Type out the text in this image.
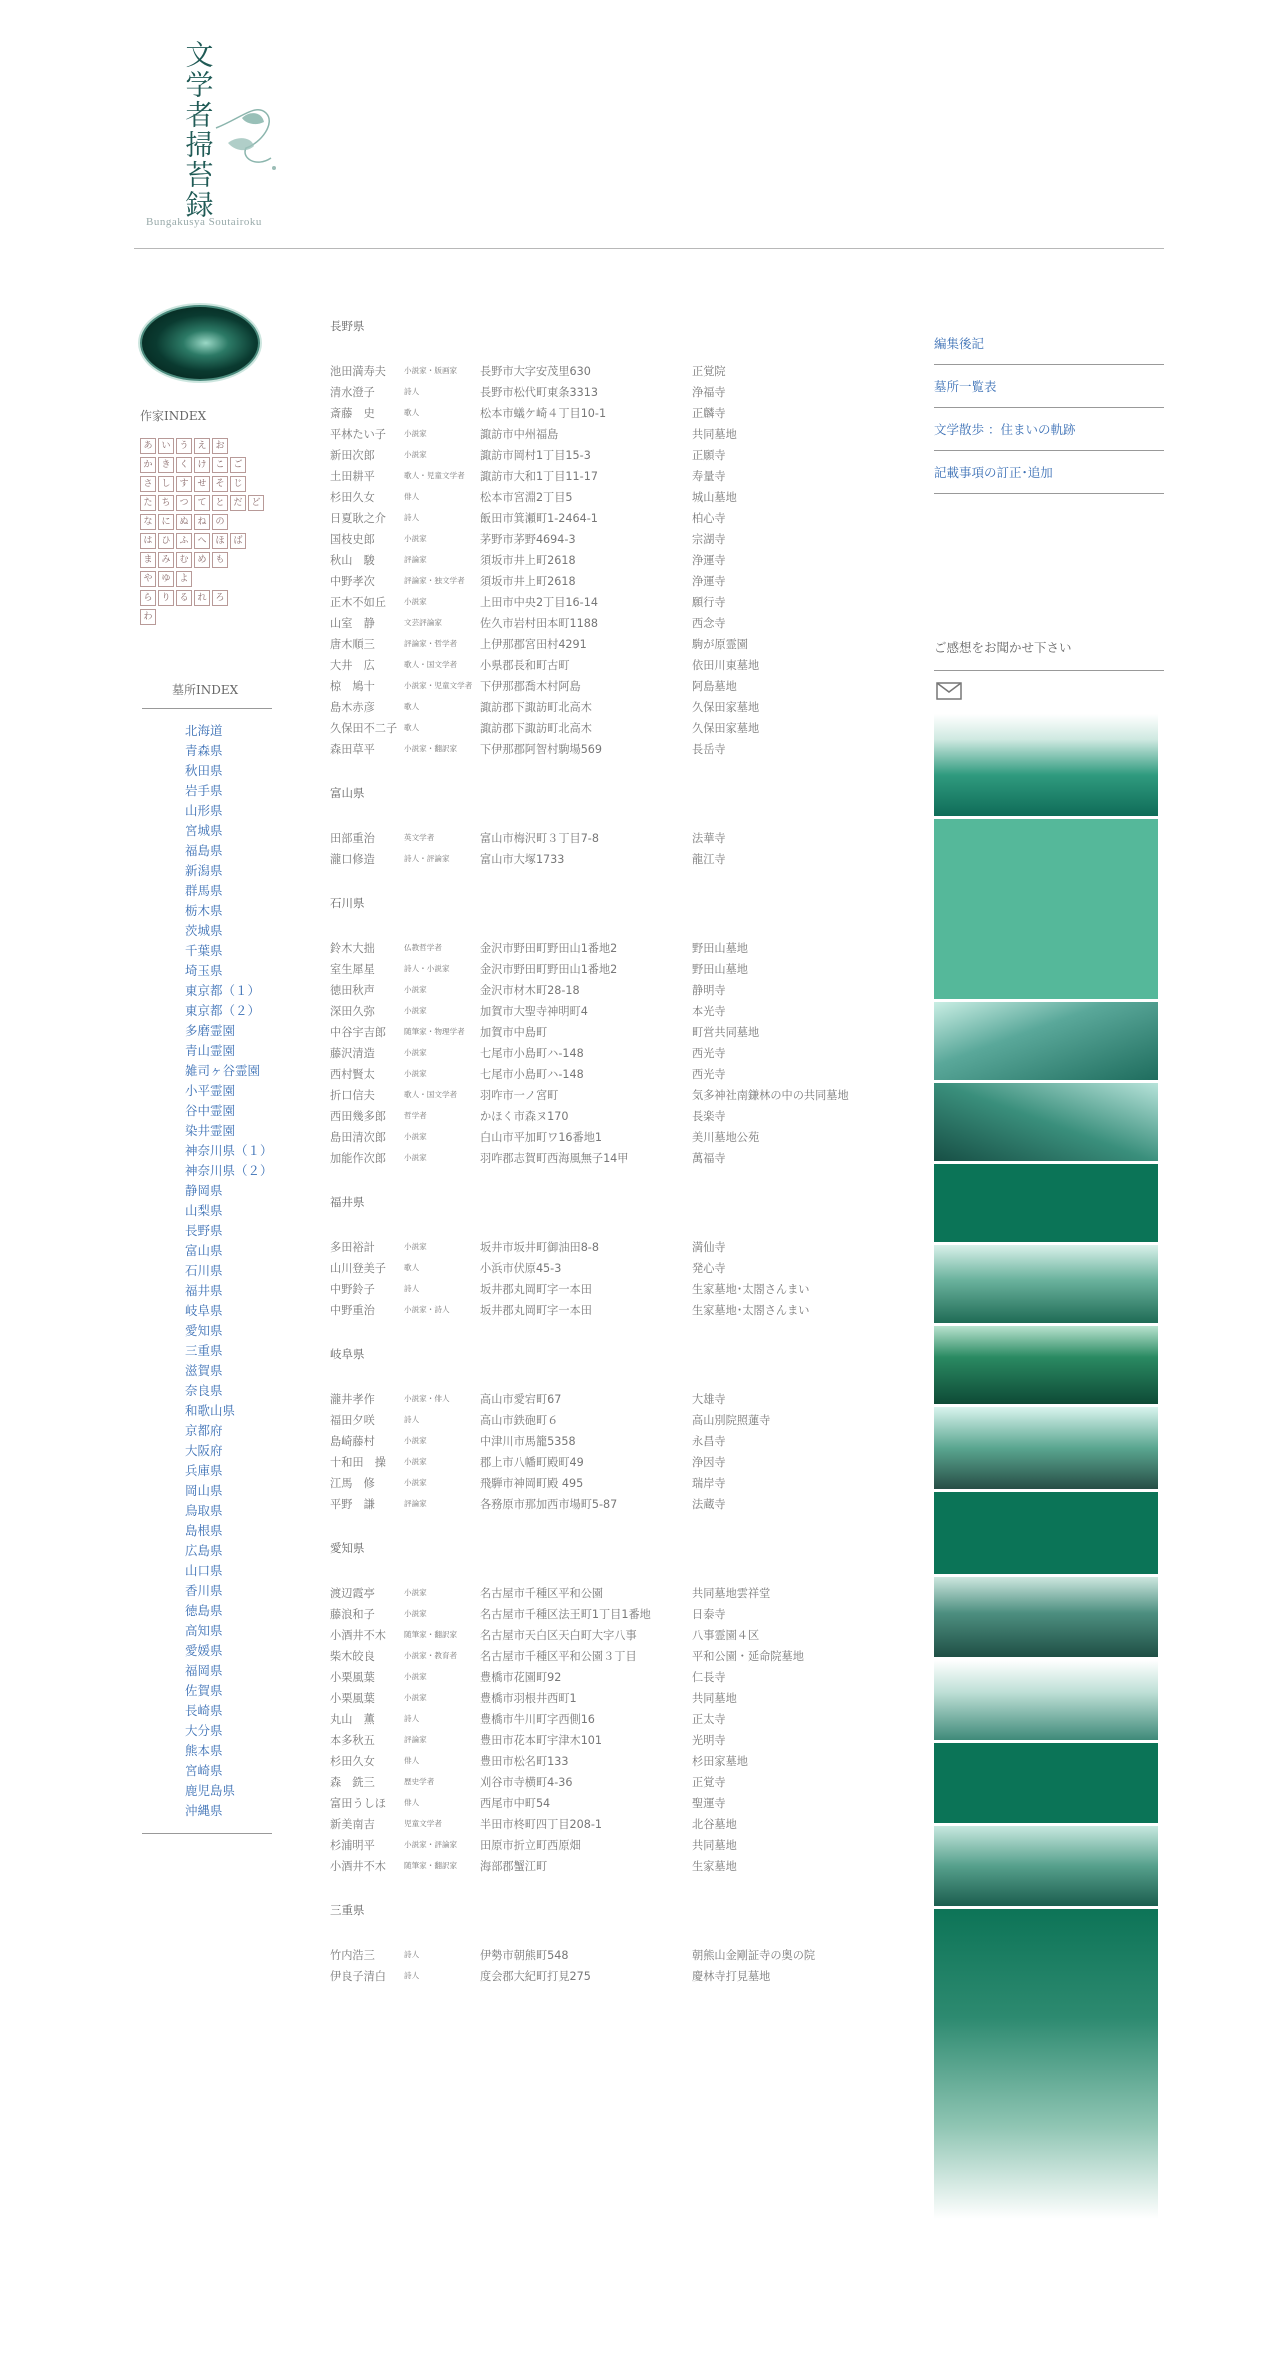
文学者掃苔録
Bungakusya Soutairoku
作家INDEX
あ い う え お
か き く け こ ご
さ し す せ そ じ
た ち つ て と だ ど
な に ぬ ね の
は ひ ふ へ ほ ば
ま み む め も
や ゆ よ
ら り る れ ろ
わ
墓所INDEX
北海道
青森県
秋田県
岩手県
山形県
宮城県
福島県
新潟県
群馬県
栃木県
茨城県
千葉県
埼玉県
東京都（１）
東京都（２）
多磨霊園
青山霊園
雑司ヶ谷霊園
小平霊園
谷中霊園
染井霊園
神奈川県（１）
神奈川県（２）
静岡県
山梨県
長野県
富山県
石川県
福井県
岐阜県
愛知県
三重県
滋賀県
奈良県
和歌山県
京都府
大阪府
兵庫県
岡山県
鳥取県
島根県
広島県
山口県
香川県
徳島県
高知県
愛媛県
福岡県
佐賀県
長崎県
大分県
熊本県
宮崎県
鹿児島県
沖縄県
長野県
池田満寿夫	小説家・版画家	長野市大字安茂里630	正覚院
清水澄子	詩人	長野市松代町東条3313	浄福寺
斎藤　史	歌人	松本市蟻ケ崎４丁目10-1	正麟寺
平林たい子	小説家	諏訪市中州福島	共同墓地
新田次郎	小説家	諏訪市岡村1丁目15-3	正願寺
土田耕平	歌人・児童文学者	諏訪市大和1丁目11-17	寿量寺
杉田久女	俳人	松本市宮淵2丁目5	城山墓地
日夏耿之介	詩人	飯田市箕瀬町1-2464-1	柏心寺
国枝史郎	小説家	茅野市茅野4694-3	宗湖寺
秋山　駿	評論家	須坂市井上町2618	浄運寺
中野孝次	評論家・独文学者	須坂市井上町2618	浄運寺
正木不如丘	小説家	上田市中央2丁目16-14	願行寺
山室　静	文芸評論家	佐久市岩村田本町1188	西念寺
唐木順三	評論家・哲学者	上伊那郡宮田村4291	駒が原霊園
大井　広	歌人・国文学者	小県郡長和町古町	依田川東墓地
椋　鳩十	小説家・児童文学者 下伊那郡喬木村阿島	阿島墓地
島木赤彦	歌人	諏訪郡下諏訪町北高木	久保田家墓地
久保田不二子 歌人	諏訪郡下諏訪町北高木	久保田家墓地
森田草平	小説家・翻訳家	下伊那郡阿智村駒場569	長岳寺
富山県
田部重治	英文学者	富山市梅沢町３丁目7-8	法華寺
瀧口修造	詩人・評論家	富山市大塚1733	龍江寺
石川県
鈴木大拙	仏教哲学者	金沢市野田町野田山1番地2	野田山墓地
室生犀星	詩人・小説家	金沢市野田町野田山1番地2	野田山墓地
徳田秋声	小説家	金沢市材木町28-18	静明寺
深田久弥	小説家	加賀市大聖寺神明町4	本光寺
中谷宇吉郎	随筆家・物理学者	加賀市中島町	町営共同墓地
藤沢清造	小説家	七尾市小島町ハ-148	西光寺
西村賢太	小説家	七尾市小島町ハ-148	西光寺
折口信夫	歌人・国文学者	羽咋市一ノ宮町	気多神社南鎌林の中の共同墓地
西田幾多郎	哲学者	かほく市森ヌ170	長楽寺
島田清次郎	小説家	白山市平加町ワ16番地1	美川墓地公苑
加能作次郎	小説家	羽咋郡志賀町西海風無子14甲	萬福寺
福井県
多田裕計	小説家	坂井市坂井町御油田8-8	満仙寺
山川登美子	歌人	小浜市伏原45-3	発心寺
中野鈴子	詩人	坂井郡丸岡町字一本田	生家墓地･太閤さんまい
中野重治	小説家・詩人	坂井郡丸岡町字一本田	生家墓地･太閤さんまい
岐阜県
瀧井孝作	小説家・俳人	高山市愛宕町67	大雄寺
福田夕咲	詩人	高山市鉄砲町６	高山別院照蓮寺
島崎藤村	小説家	中津川市馬籠5358	永昌寺
十和田　操	小説家	郡上市八幡町殿町49	浄因寺
江馬　修	小説家	飛騨市神岡町殿 495	瑞岸寺
平野　謙	評論家	各務原市那加西市場町5-87	法蔵寺
愛知県
渡辺霞亭	小説家	名古屋市千種区平和公園	共同墓地雲祥堂
藤浪和子	小説家	名古屋市千種区法王町1丁目1番地	日泰寺
小酒井不木	随筆家・翻訳家	名古屋市天白区天白町大字八事	八事霊園４区
柴木皎良	小説家・教育者	名古屋市千種区平和公園３丁目	平和公園・延命院墓地
小栗風葉	小説家	豊橋市花園町92	仁長寺
小栗風葉	小説家	豊橋市羽根井西町1	共同墓地
丸山　薫	詩人	豊橋市牛川町字西側16	正太寺
本多秋五	評論家	豊田市花本町宇津木101	光明寺
杉田久女	俳人	豊田市松名町133	杉田家墓地
森　銑三	歴史学者	刈谷市寺横町4-36	正覚寺
富田うしほ	俳人	西尾市中町54	聖運寺
新美南吉	児童文学者	半田市柊町四丁目208-1	北谷墓地
杉浦明平	小説家・評論家	田原市折立町西原畑	共同墓地
小酒井不木	随筆家・翻訳家	海部郡蟹江町	生家墓地
三重県
竹内浩三	詩人	伊勢市朝熊町548	朝熊山金剛証寺の奥の院
伊良子清白	詩人	度会郡大紀町打見275	慶林寺打見墓地
編集後記
墓所一覧表
文学散歩 ：住まいの軌跡
記載事項の訂正･追加
ご感想をお聞かせ下さい
